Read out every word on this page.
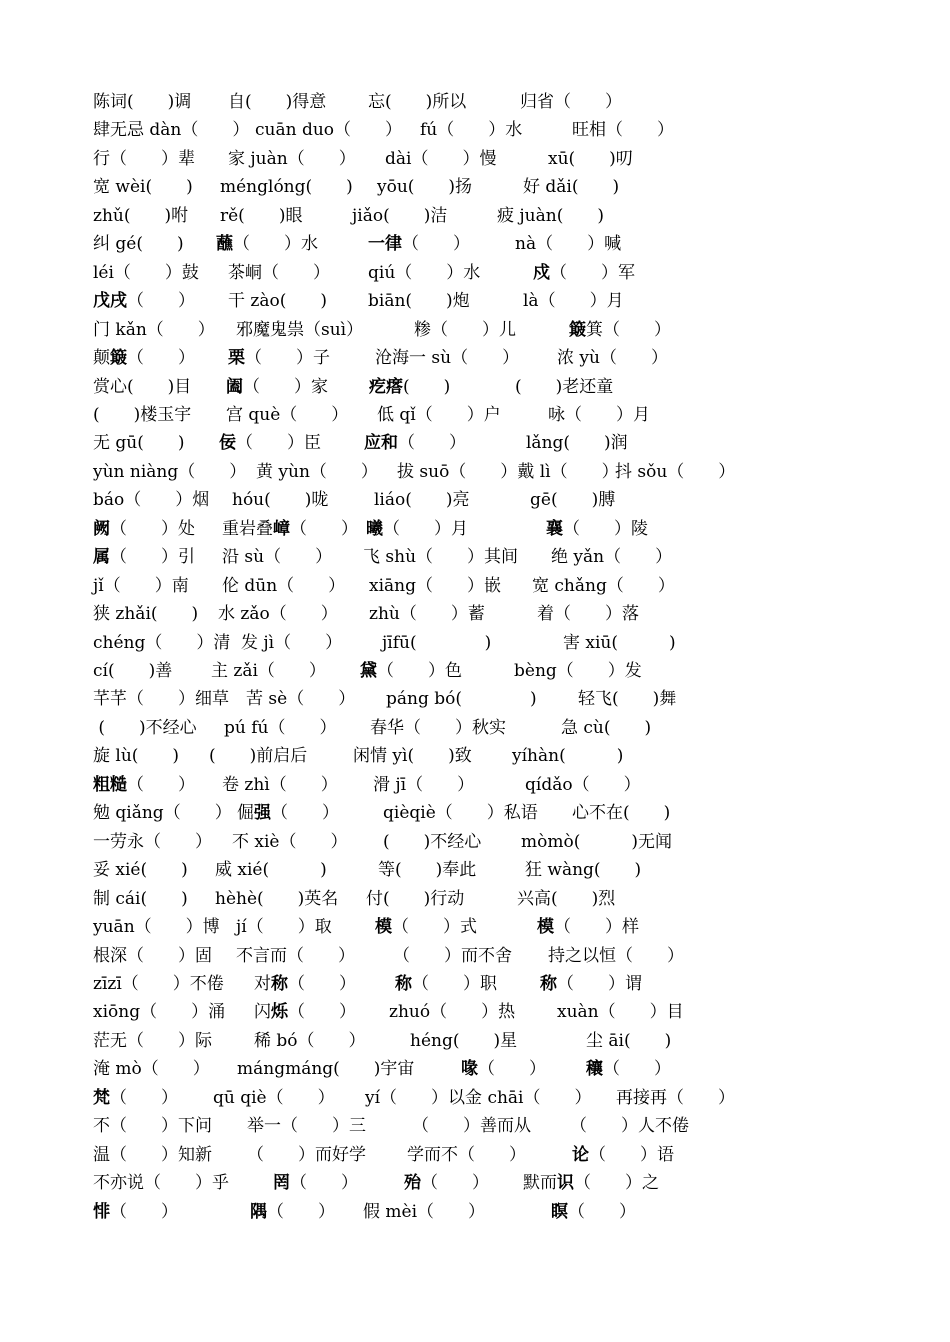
陈词(　　)调 自(　　)得意 忘(　　)所以	归省（　　）
肆无忌 dàn（　　） cuān duo（　　） fú（　　）水	旺相（　　）
行（　　）辈 家 juàn（　　） dài（　　）慢	xū(　　)叨
宽 wèi(　　) ménglóng(　　) yōu(　　)扬	好 dǎi(　　)
zhǔ(　　)咐 rě(　　)眼	jiǎo(　　)洁	疲 juàn(　　)
纠 gé(　　) 蘸（　　）水	一律（　　）	nà（　　）喊
léi（　　）鼓 茶峒（　　） qiú（　　）水	戍（　　）军
戊戌（　　） 干 zào(　　) biān(　　)炮	là（　　）月
门 kǎn（　　） 邪魔鬼祟（suì）	糁（　　）儿	簸箕（　　）
颠簸（　　） 栗（　　）子	沧海一 sù（　　） 浓 yù（　　）
赏心(　　)目 阖（　　）家 疙瘩(　　)	(　　)老还童
(　　)楼玉宇 宫 què（　　） 低 qǐ（　　）户	咏（　　）月
无 gū(　　) 佞（　　）臣	应和（　　）	lǎng(　　)润
yùn niàng（　　） 黄 yùn（　　） 拔 suō（　　）戴 lì（　　）
抖 sǒu（　　）
báo（　　）烟 hóu(　　)咙	liáo(　　)亮	gē(　　)膊
阙（　　）处 重岩叠嶂（　　） 曦（　　）月	襄（　　）陵
属（　　）引 沿 sù（　　） 飞 shù（　　）其间 绝 yǎn（　　）
jǐ（　　）南 伦 dūn（　　） xiāng（　　）嵌 宽 chǎng（　　）
狭 zhǎi(　　) 水 zǎo（　　） zhù（　　）蓄	着（　　）落
chéng（　　）清 发 jì（　　） jīfū(　　　　)	害 xiū(　　　)
cí(　　)善 主 zǎi（　　） 黛（　　）色	bèng（　　）发
芊芊（　　）细草 苦 sè（　　） páng bó(　　　　) 轻飞(　　)舞
(　　)不经心 pú fú（　　） 春华（　　）秋实	急 cù(　　)
旋 lù(　　) (　　)前启后	闲情 yì(　　)致 yíhàn(　　　)
粗糙（　　） 卷 zhì（　　） 滑 jī（　　）	qídǎo（　　）
勉 qiǎng（　　） 倔强（　　）	qièqiè（　　）私语 心不在(　　)
一劳永（　　） 不 xiè（　　） (　　)不经心 mòmò(　　　)无闻
妥 xié(　　) 威 xié(　　　)	等(　　)奉此	狂 wàng(　　)
制 cái(　　) hèhè(　　)英名 付(　　)行动	兴高(　　)烈
yuān（　　）博 jí（　　）取	模（　　）式	模（　　）样
根深（　　）固 不言而（　　） （　　）而不舍 持之以恒（　　）
zīzī（　　）不倦 对称（　　） 称（　　）职	称（　　）谓
xiōng（　　）涌 闪烁（　　） zhuó（　　）热 xuàn（　　）目
茫无（　　）际 稀 bó（　　）	héng(　　)星	尘 āi(　　)
淹 mò（　　） mángmáng(　　)宇宙	喙（　　） 穰（　　）
梵（　　） qū qiè（　　） yí（　　）以金 chāi（　　） 再接再（　　）
不（　　）下问 举一（　　）三	（　　）善而从 （　　）人不倦
温（　　）知新 （　　）而好学 学而不（　　）	论（　　）语
不亦说（　　）乎	罔（　　）	殆（　　） 默而识（　　）之
悱（　　）	隅（　　） 假 mèi（　　）	瞑（　　）
